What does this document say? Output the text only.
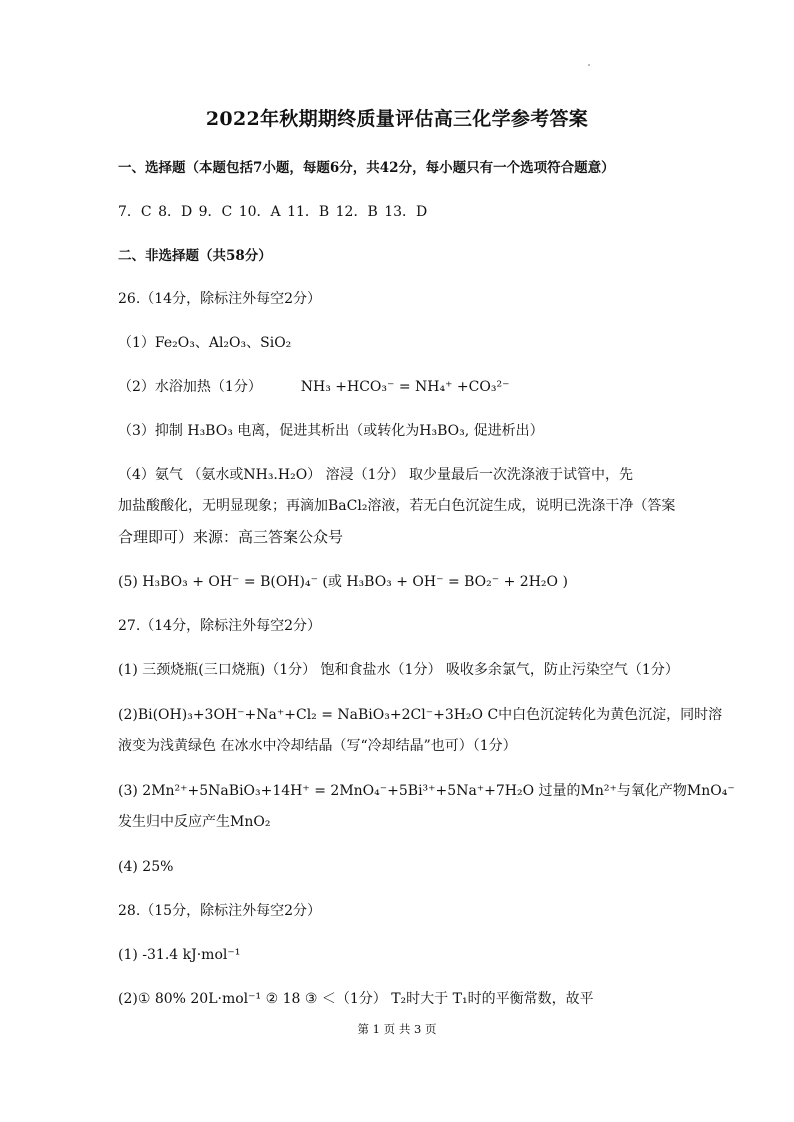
2022年秋期期终质量评估高三化学参考答案
一、选择题（本题包括7小题，每题6分，共42分，每小题只有一个选项符合题意）
7．C 8．D 9．C 10．A 11．B 12．B 13．D
二、非选择题（共58分）
26.（14分，除标注外每空2分）
（1）Fe₂O₃、Al₂O₃、SiO₂
（2）水浴加热（1分）	NH₃ +HCO₃⁻ = NH₄⁺ +CO₃²⁻
（3）抑制 H₃BO₃ 电离，促进其析出（或转化为H₃BO₃, 促进析出）
（4）氨气 （氨水或NH₃.H₂O） 溶浸（1分） 取少量最后一次洗涤液于试管中，先
加盐酸酸化，无明显现象；再滴加BaCl₂溶液，若无白色沉淀生成，说明已洗涤干净（答案
合理即可）来源：高三答案公众号
(5) H₃BO₃ + OH⁻ = B(OH)₄⁻ (或 H₃BO₃ + OH⁻ = BO₂⁻ + 2H₂O )
27.（14分，除标注外每空2分）
(1) 三颈烧瓶(三口烧瓶)（1分） 饱和食盐水（1分） 吸收多余氯气，防止污染空气（1分）
(2)Bi(OH)₃+3OH⁻+Na⁺+Cl₂ = NaBiO₃+2Cl⁻+3H₂O C中白色沉淀转化为黄色沉淀，同时溶
液变为浅黄绿色 在冰水中冷却结晶（写“冷却结晶”也可）（1分）
(3) 2Mn²⁺+5NaBiO₃+14H⁺ = 2MnO₄⁻+5Bi³⁺+5Na⁺+7H₂O 过量的Mn²⁺与氧化产物MnO₄⁻
发生归中反应产生MnO₂
(4) 25%
28.（15分，除标注外每空2分）
(1) -31.4 kJ·mol⁻¹
(2)① 80% 20L·mol⁻¹ ② 18 ③ ＜（1分） T₂时大于 T₁时的平衡常数，故平
第 1 页 共 3 页
